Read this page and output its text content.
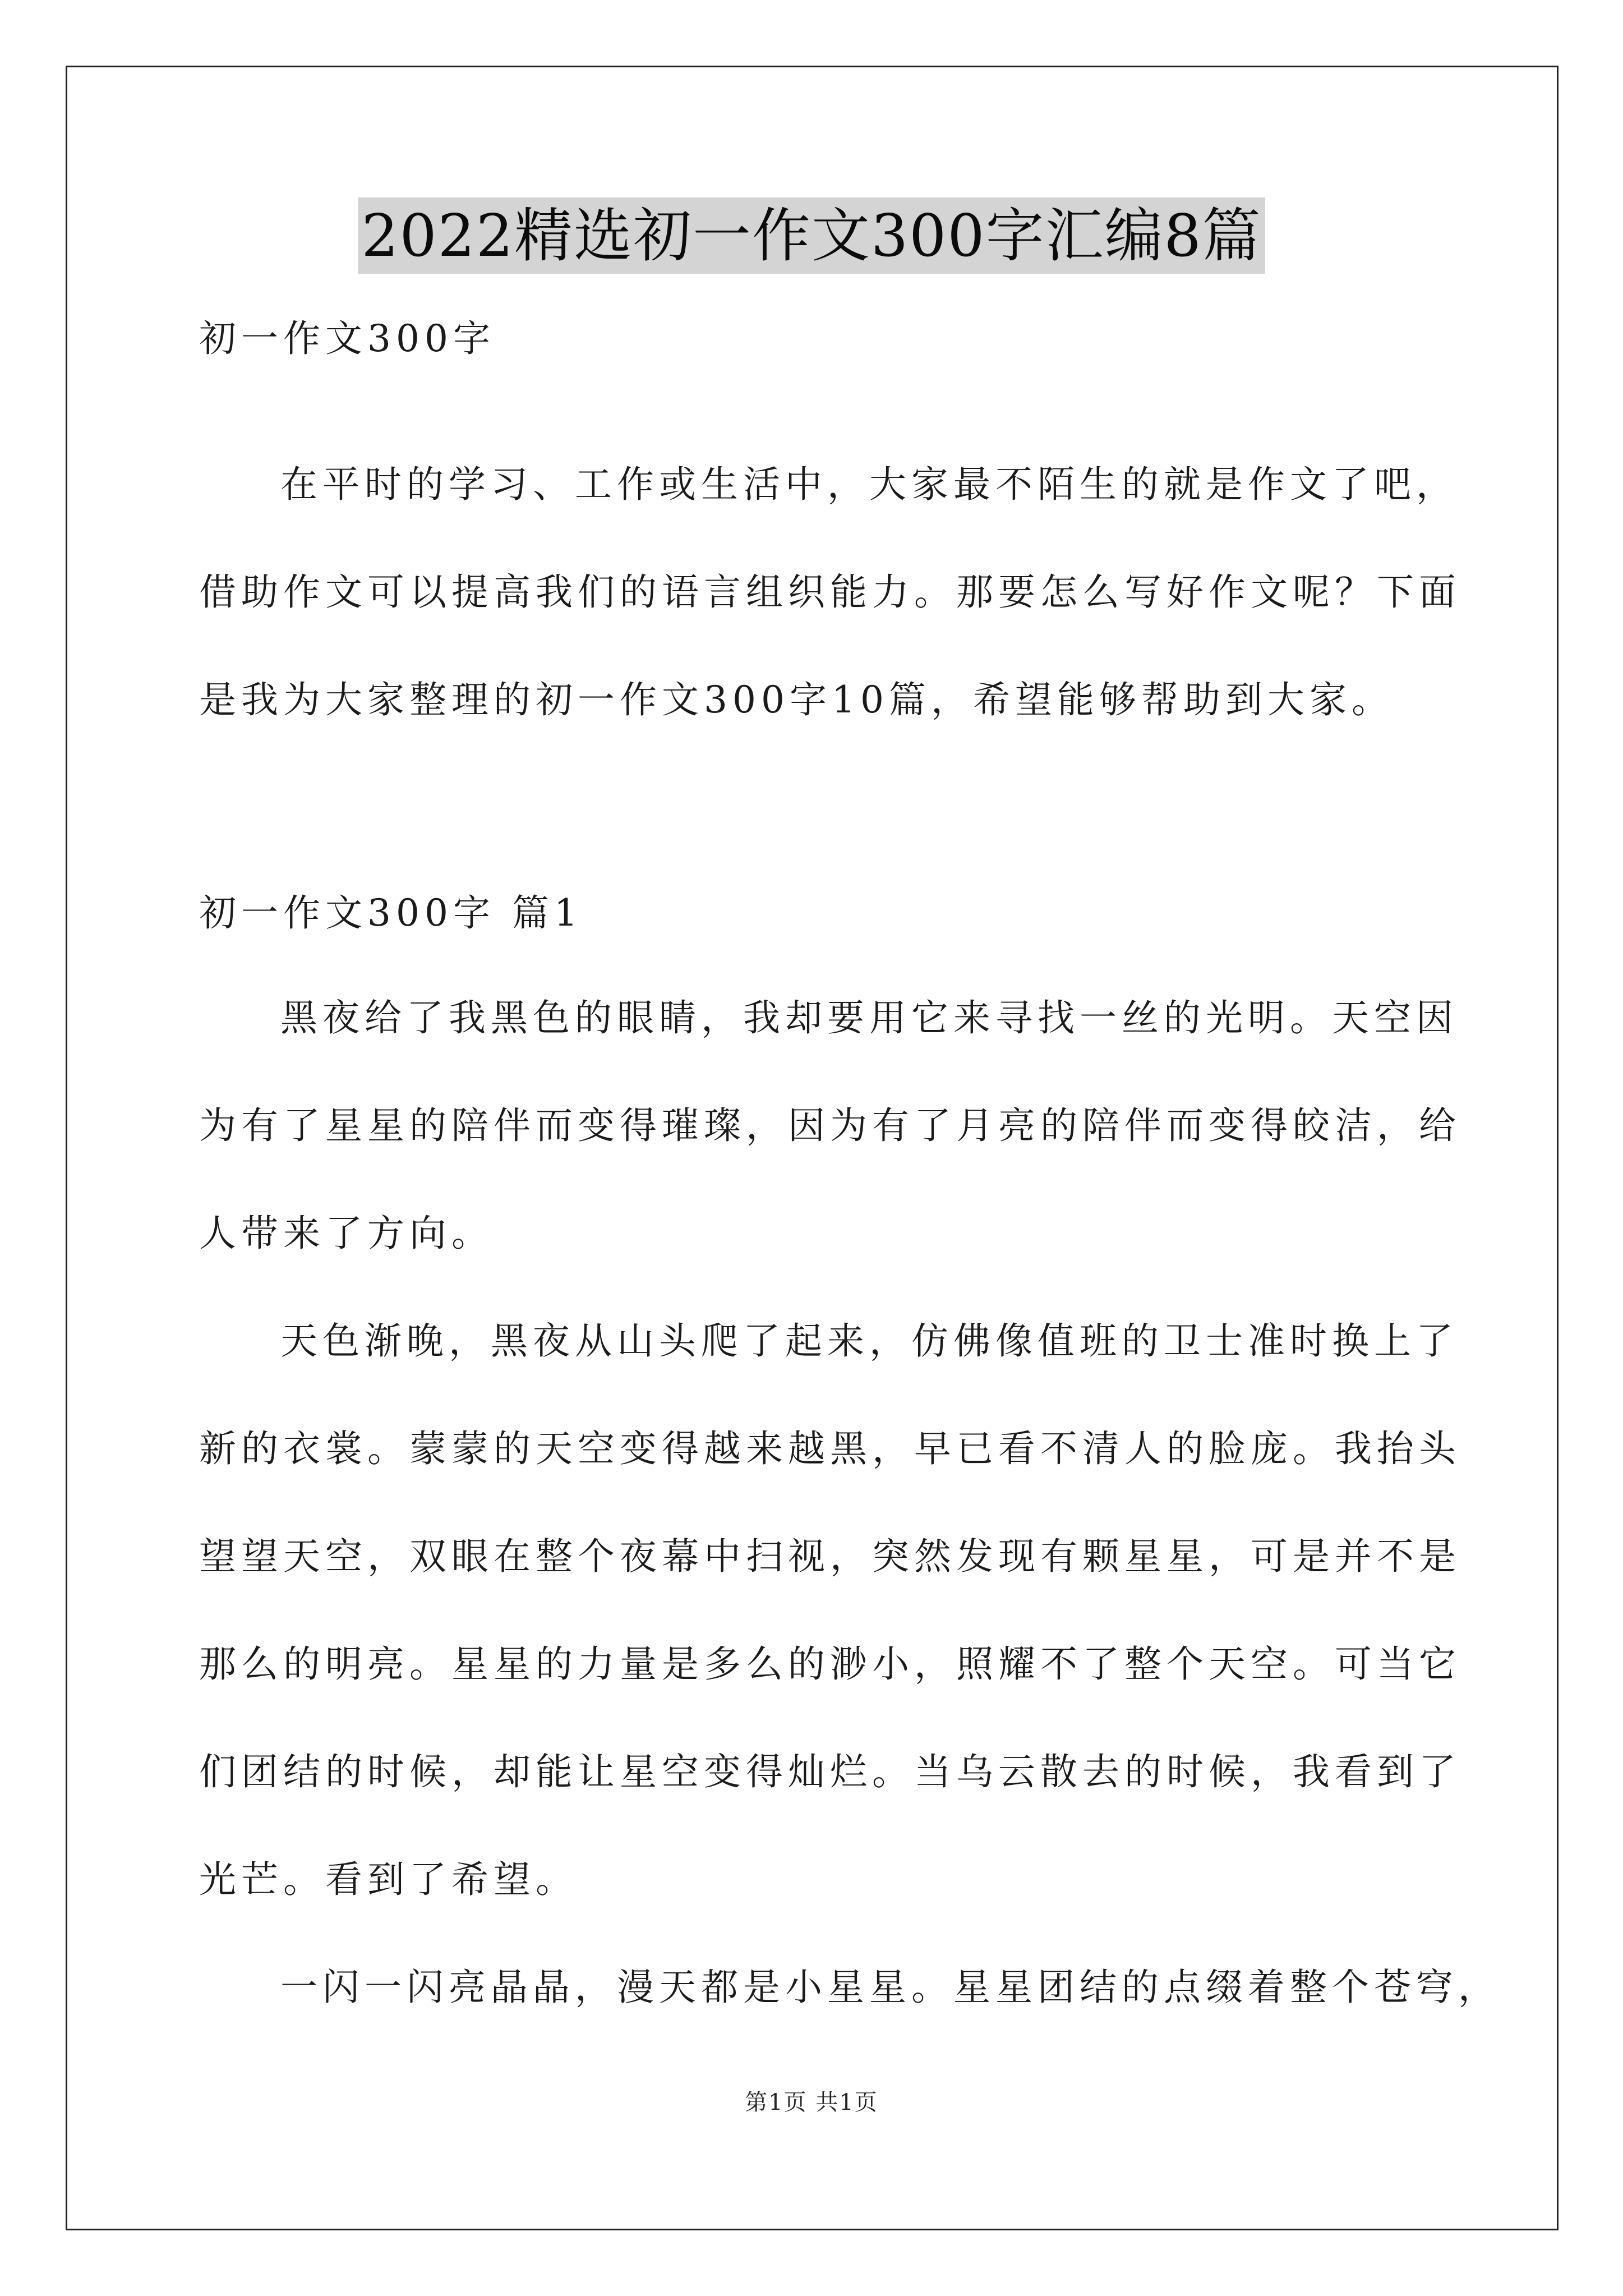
2022精选初一作文300字汇编8篇
初一作文300字
在平时的学习、工作或生活中，大家最不陌生的就是作文了吧，
借助作文可以提高我们的语言组织能力。那要怎么写好作文呢？下面
是我为大家整理的初一作文300字10篇，希望能够帮助到大家。
初一作文300字 篇1
黑夜给了我黑色的眼睛，我却要用它来寻找一丝的光明。天空因
为有了星星的陪伴而变得璀璨，因为有了月亮的陪伴而变得皎洁，给
人带来了方向。
天色渐晚，黑夜从山头爬了起来，仿佛像值班的卫士准时换上了
新的衣裳。蒙蒙的天空变得越来越黑，早已看不清人的脸庞。我抬头
望望天空，双眼在整个夜幕中扫视，突然发现有颗星星，可是并不是
那么的明亮。星星的力量是多么的渺小，照耀不了整个天空。可当它
们团结的时候，却能让星空变得灿烂。当乌云散去的时候，我看到了
光芒。看到了希望。
一闪一闪亮晶晶，漫天都是小星星。星星团结的点缀着整个苍穹，
第1页 共1页
